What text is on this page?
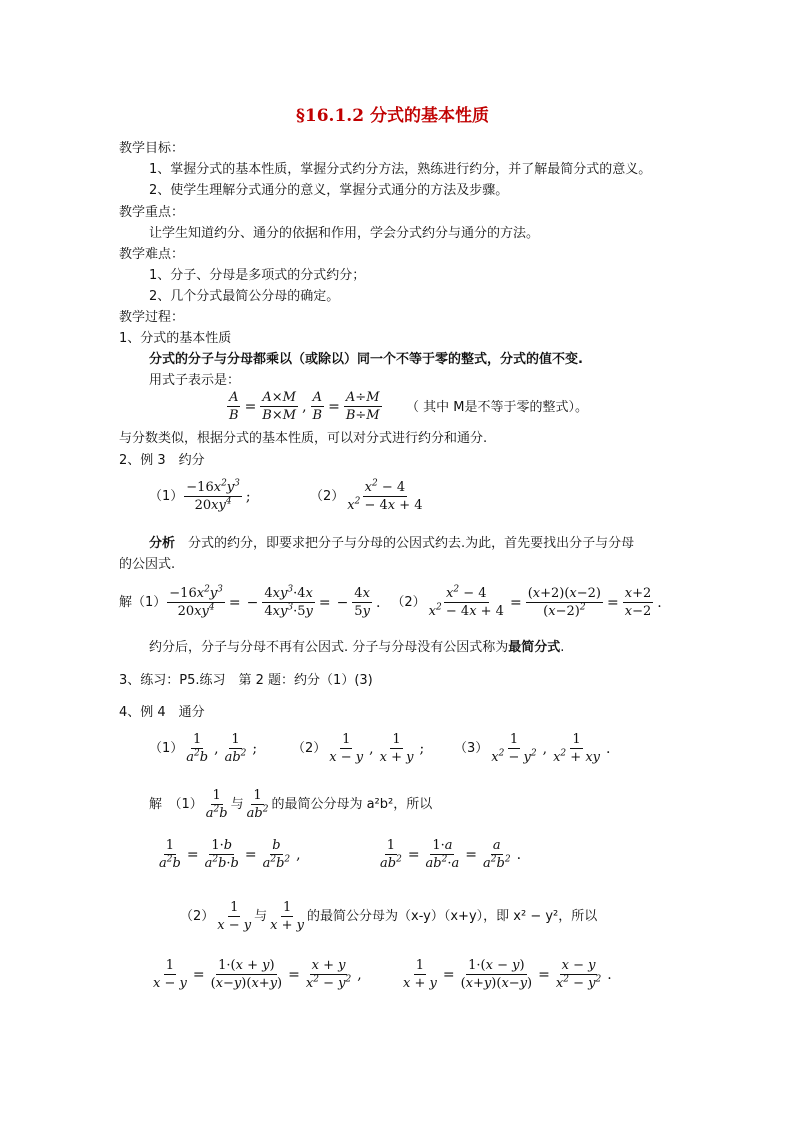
§16.1.2 分式的基本性质
教学目标：
1、掌握分式的基本性质，掌握分式约分方法，熟练进行约分，并了解最简分式的意义。
2、使学生理解分式通分的意义，掌握分式通分的方法及步骤。
教学重点：
让学生知道约分、通分的依据和作用，学会分式约分与通分的方法。
教学难点：
1、分子、分母是多项式的分式约分；
2、几个分式最简公分母的确定。
教学过程：
1、分式的基本性质
分式的分子与分母都乘以（或除以）同一个不等于零的整式，分式的值不变.
用式子表示是：
$\frac{A}{B} = \frac{A\times M}{B\times M}$ , $\frac{A}{B} = \frac{A\div M}{B\div M}$ （ 其中 M是不等于零的整式）。
与分数类似，根据分式的基本性质，可以对分式进行约分和通分.
2、例 3　约分
$(1) \frac{-16x^2y^3}{20xy^4}$ ;	$(2) \frac{x^2 - 4}{x^2 - 4x + 4}$
分析　分式的约分，即要求把分子与分母的公因式约去.为此，首先要找出分子与分母
的公因式.
解$(1) \frac{-16x^2y^3}{20xy^4}$ = − $\frac{4xy^3\cdot 4x}{4xy^3\cdot 5y}$ = − $\frac{4x}{5y}$ . $(2) \frac{x^2 - 4}{x^2 - 4x + 4} = \frac{(x+2)(x-2)}{(x-2)^2} = \frac{x+2}{x-2}$ .
约分后，分子与分母不再有公因式. 分子与分母没有公因式称为最简分式.
3、练习：P5.练习　第 2 题：约分（1）(3)
4、例 4　通分
$(1) \frac{1}{a^2b}$ , $\frac{1}{ab^2}$ ;	$(2) \frac{1}{x - y}$ , $\frac{1}{x + y}$ ; $(3) \frac{1}{x^2 - y^2}$ , $\frac{1}{x^2 + xy}$ .
解　$(1) \frac{1}{a^2b}$ 与 $\frac{1}{ab^2}$ 的最简公分母为 a²b²，所以
$\frac{1}{a^2b} = \frac{1\cdot b}{a^2b\cdot b} = \frac{b}{a^2b^2}$ ,	$\frac{1}{ab^2} = \frac{1\cdot a}{ab^2\cdot a} = \frac{a}{a^2b^2}$ .
$(2) \frac{1}{x - y}$ 与 $\frac{1}{x + y}$ 的最简公分母为（x-y）（x+y），即 x² − y²，所以
$\frac{1}{x - y} = \frac{1\cdot(x + y)}{(x-y)(x+y)} = \frac{x + y}{x^2 - y^2}$ ,	$\frac{1}{x + y} = \frac{1\cdot(x - y)}{(x+y)(x-y)} = \frac{x - y}{x^2 - y^2}$ .
